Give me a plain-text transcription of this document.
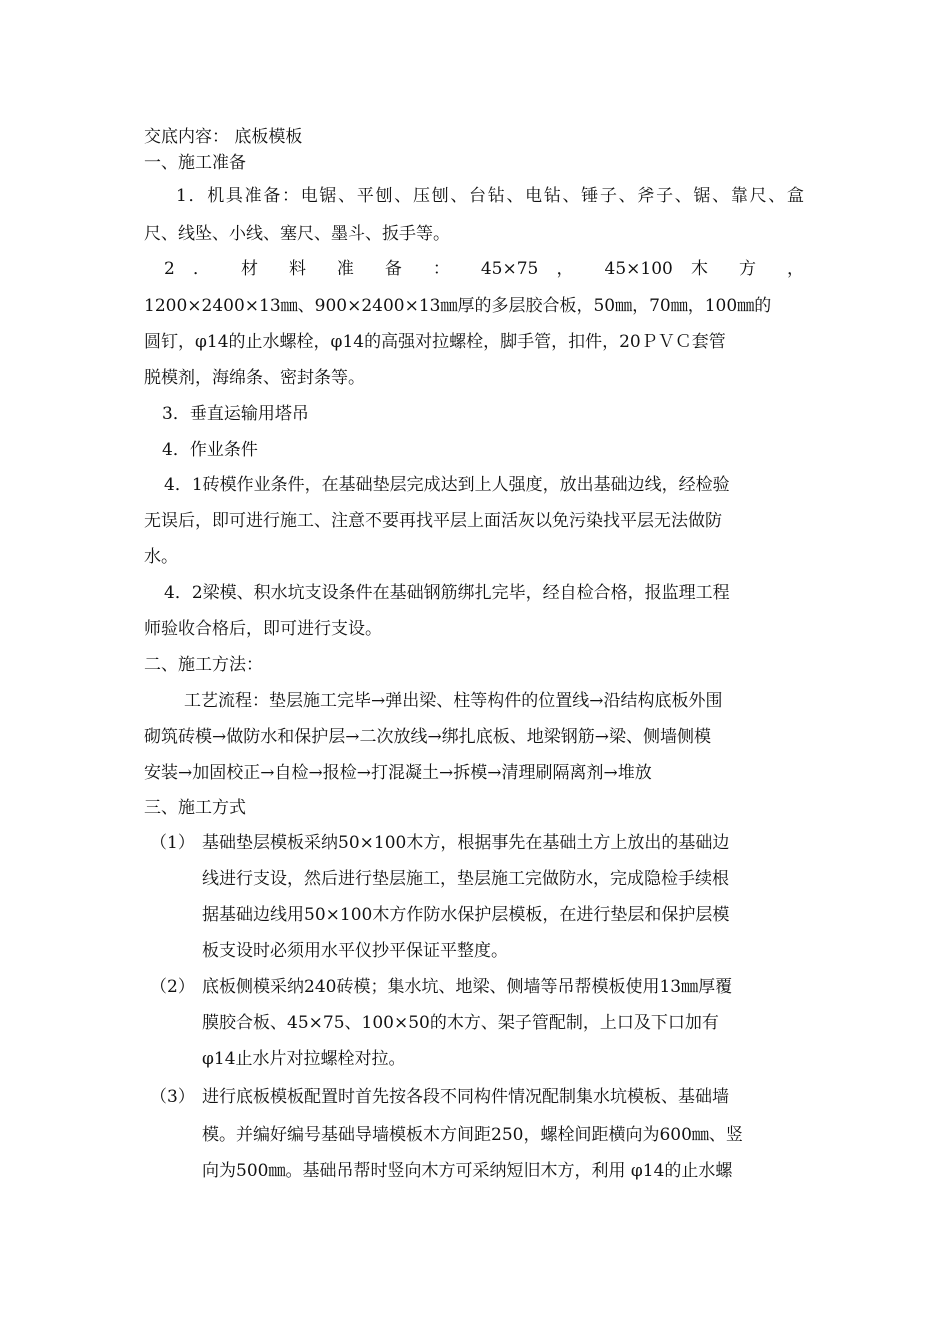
交底内容： 底板模板

一、施工准备

1．机具准备：电锯、平刨、压刨、台钻、电钻、锤子、斧子、锯、靠尺、盒

尺、线坠、小线、塞尺、墨斗、扳手等。

2 ． 材 料 准 备 ： 45×75 ， 45×100 木 方 ，

1200×2400×13㎜、900×2400×13㎜厚的多层胶合板，50㎜，70㎜，100㎜的

圆钉，φ14的止水螺栓，φ14的高强对拉螺栓，脚手管，扣件，20ＰＶＣ套管

脱模剂，海绵条、密封条等。

3．垂直运输用塔吊

4．作业条件

4．1砖模作业条件，在基础垫层完成达到上人强度，放出基础边线，经检验

无误后，即可进行施工、注意不要再找平层上面活灰以免污染找平层无法做防

水。

4．2梁模、积水坑支设条件在基础钢筋绑扎完毕，经自检合格，报监理工程

师验收合格后，即可进行支设。

二、施工方法：

工艺流程：垫层施工完毕→弹出梁、柱等构件的位置线→沿结构底板外围

砌筑砖模→做防水和保护层→二次放线→绑扎底板、地梁钢筋→梁、侧墙侧模

安装→加固校正→自检→报检→打混凝土→拆模→清理刷隔离剂→堆放

三、施工方式

（1） 基础垫层模板采纳50×100木方，根据事先在基础土方上放出的基础边

线进行支设，然后进行垫层施工，垫层施工完做防水，完成隐检手续根

据基础边线用50×100木方作防水保护层模板，在进行垫层和保护层模

板支设时必须用水平仪抄平保证平整度。

（2） 底板侧模采纳240砖模；集水坑、地梁、侧墙等吊帮模板使用13㎜厚覆

膜胶合板、45×75、100×50的木方、架子管配制，上口及下口加有

φ14止水片对拉螺栓对拉。

（3） 进行底板模板配置时首先按各段不同构件情况配制集水坑模板、基础墙

模。并编好编号基础导墙模板木方间距250，螺栓间距横向为600㎜、竖

向为500㎜。基础吊帮时竖向木方可采纳短旧木方，利用 φ14的止水螺
